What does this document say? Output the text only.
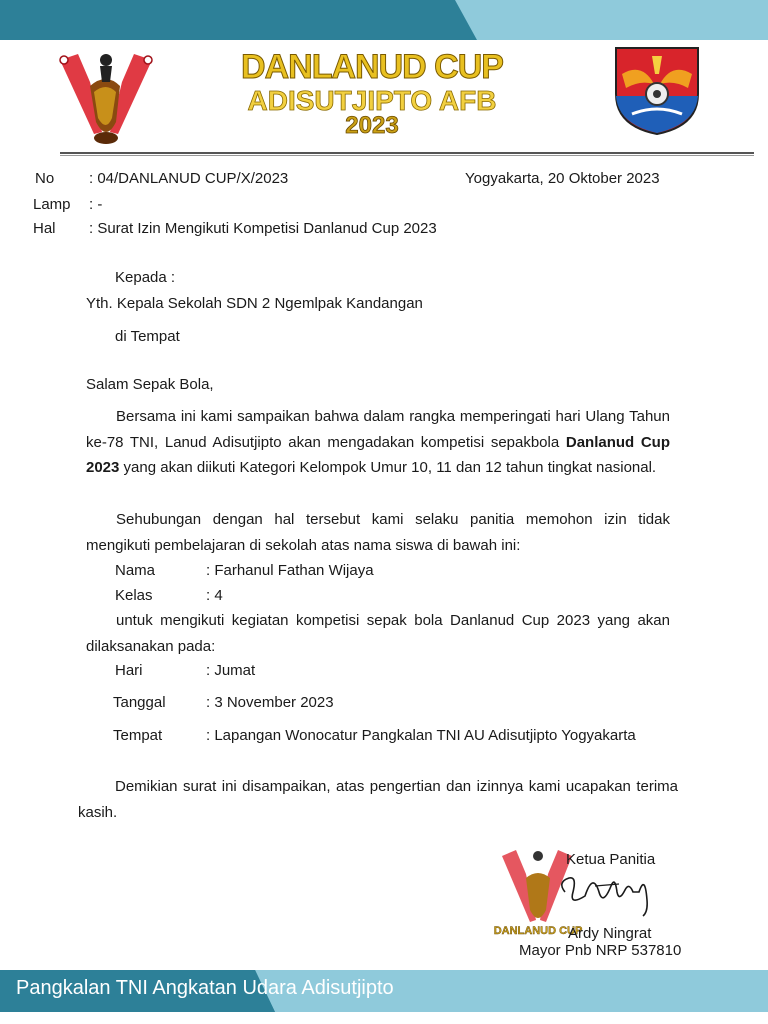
DANLANUD CUP
ADISUTJIPTO AFB
2023
No : 04/DANLANUD CUP/X/2023	Yogyakarta, 20 Oktober 2023
Lamp : -
Hal : Surat Izin Mengikuti Kompetisi Danlanud Cup 2023
Kepada :
Yth. Kepala Sekolah SDN 2 Ngemlpak Kandangan
di Tempat
Salam Sepak Bola,
Bersama ini kami sampaikan bahwa dalam rangka memperingati hari Ulang Tahun ke-78 TNI, Lanud Adisutjipto akan mengadakan kompetisi sepakbola Danlanud Cup 2023 yang akan diikuti Kategori Kelompok Umur 10, 11 dan 12 tahun tingkat nasional.
Sehubungan dengan hal tersebut kami selaku panitia memohon izin tidak mengikuti pembelajaran di sekolah atas nama siswa di bawah ini:
Nama	: Farhanul Fathan Wijaya
Kelas	: 4
untuk mengikuti kegiatan kompetisi sepak bola Danlanud Cup 2023 yang akan dilaksanakan pada:
Hari	: Jumat
Tanggal	: 3 November 2023
Tempat	: Lapangan Wonocatur Pangkalan TNI AU Adisutjipto Yogyakarta
Demikian surat ini disampaikan, atas pengertian dan izinnya kami ucapakan terima kasih.
DANLANUD CUP
Ketua Panitia
Ardy Ningrat
Mayor Pnb NRP 537810
Pangkalan TNI Angkatan Udara Adisutjipto
